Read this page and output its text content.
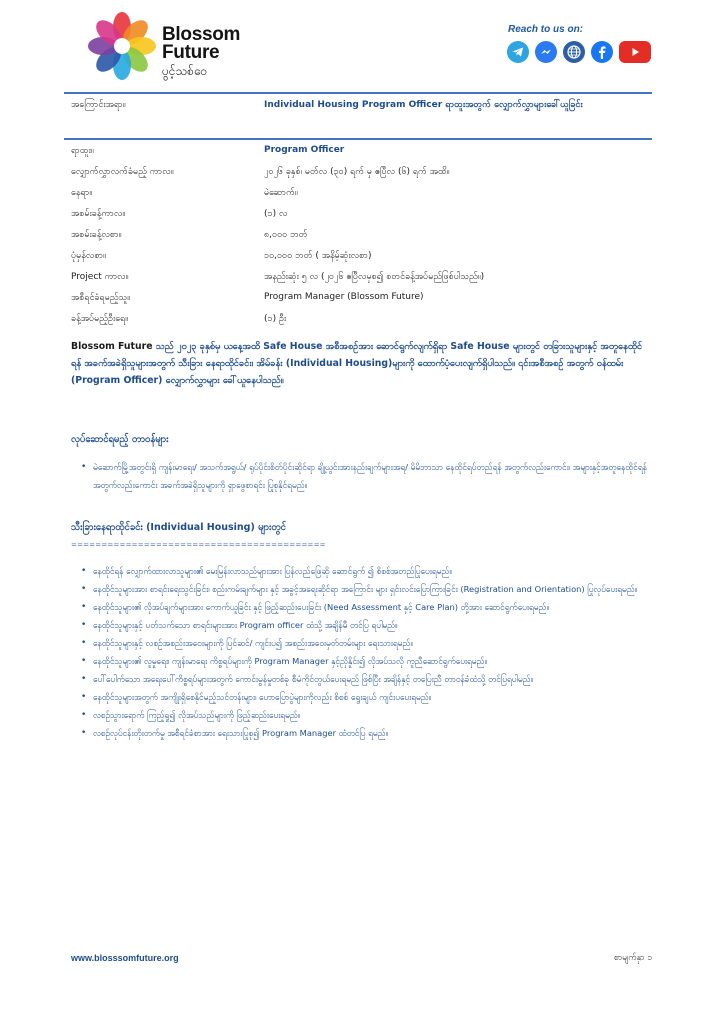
Blossom
Future
ပွင့်သစ်ဝေ
Reach to us on:
အကြောင်းအရာ။	Individual Housing Program Officer ရာထူးအတွက် လျှောက်လွှာများခေါ်ယူခြင်း
ရာထူး။	Program Officer
လျှောက်လွှာလက်ခံမည့် ကာလ။	၂၀၂၆ ခုနှစ်၊ မတ်လ (၃၀) ရက် မှ ဧပြီလ (၆) ရက် အထိ။
နေရာ။	မဲဆောက်။
အစမ်းခန့်ကာလ။	(၁) လ
အစမ်းခန့်လစာ။	၈,၀၀၀ ဘတ်
ပုံမှန်လစာ။	၁၀,၀၀၀ ဘတ် ( အနိမ့်ဆုံးလစာ)
Project ကာလ။	အနည်းဆုံး ၅ လ (၂၀၂၆ ဧပြီလမှစ၍ စတင်ခန့်အပ်မည်ဖြစ်ပါသည်။)
အစီရင်ခံရမည့်သူ။	Program Manager (Blossom Future)
ခန့်အပ်မည့်ဦးရေ။	(၁) ဦး
Blossom Future သည် ၂၀၂၃ ခုနှစ်မှ ယနေ့အထိ Safe House အစီအစဉ်အား ဆောင်ရွက်လျက်ရှိရာ Safe House များတွင် တခြားသူများနှင့် အတူနေထိုင်ရန် အခက်အခဲရှိသူများအတွက် သီးခြား နေရာထိုင်ခင်း၊ အိမ်ခန်း (Individual Housing)များကို ထောက်ပံ့ပေးလျက်ရှိပါသည်။ ၎င်းအစီအစဉ် အတွက် ဝန်ထမ်း (Program Officer) လျှောက်လွှာများ ခေါ်ယူနေပါသည်။
လုပ်ဆောင်ရမည့် တာဝန်များ
• မဲဆောက်မြို့အတွင်းရှိ ကျန်းမာရေး/ အသက်အရွယ်/ ရုပ်ပိုင်းစိတ်ပိုင်းဆိုင်ရာ ချို့ယွင်းအားနည်းချက်များအရ/ မိမိဘာသာ နေထိုင်ရပ်တည်ရန် အတွက်လည်းကောင်း၊ အများနှင့်အတူနေထိုင်ရန်အတွက်လည်းကောင်း အခက်အခဲရှိသူများကို ရှာဖွေစာရင်း ပြုစုနိုင်ရမည်။
သီးခြားနေရာထိုင်ခင်း (Individual Housing) များတွင်
==========================================
• နေထိုင်ရန် လျှောက်ထားလာသူများ၏ မေးမြန်းလာသည်များအား ပြန်လည်ဖြေဆို ဆောင်ရွက် ၍ စိစစ်အတည်ပြုပေးရမည်။
• နေထိုင်သူများအား စာရင်းရေးသွင်းခြင်း၊ စည်းကမ်းချက်များ နှင့် အခွင့်အရေးဆိုင်ရာ အကြောင်း များ ရှင်းလင်းပြောကြားခြင်း (Registration and Orientation) ပြုလုပ်ပေးရမည်။
• နေထိုင်သူများ၏ လိုအပ်ချက်များအား ကောက်ယူခြင်း နှင့် ဖြည့်ဆည်းပေးခြင်း (Need Assessment နှင့် Care Plan) တို့အား ဆောင်ရွက်ပေးရမည်။
• နေထိုင်သူများနှင့် ပတ်သက်သော စာရင်းများအား Program officer ထံသို့ အချိန်မီ တင်ပြ ရပါမည်။
• နေထိုင်သူများနှင့် လစဉ်အစည်းအဝေးများကို ပြင်ဆင်/ ကျင်းပ၍ အစည်းအဝေးမှတ်တမ်းများ ရေးသားရမည်။
• နေထိုင်သူများ၏ လူမှုရေး၊ ကျန်းမာရေး ကိစ္စရပ်များကို Program Manager နှင့်ညှိနှိုင်း၍ လိုအပ်သလို ကူညီဆောင်ရွက်ပေးရမည်။
• ပေါ်ပေါက်သော အရေးပေါ်ကိစ္စရပ်များအတွက် ကောင်းမွန်မှုတစ်ခု စီမံကိုင်တွယ်ပေးရမည် ဖြစ်ပြီး အချိန်နှင့် တပြေးညီ တာဝန်ခံထံသို့ တင်ပြရပါမည်။
• နေထိုင်သူများအတွက် အကျိုးရှိစေနိုင်မည့်သင်တန်းများ၊ ဟောပြောပွဲများကိုလည်း စိစစ် ရွေးချယ် ကျင်းပပေးရမည်။
• လစဉ်သွားရောက် ကြည့်ရှု၍ လိုအပ်သည်များကို ဖြည့်ဆည်းပေးရမည်။
• လစဉ်လုပ်ငန်းတိုးတက်မှု အစီရင်ခံစာအား ရေးသားပြုစု၍ Program Manager ထံတင်ပြ ရမည်။
www.blosssomfuture.org	စာမျက်နှာ ၁
